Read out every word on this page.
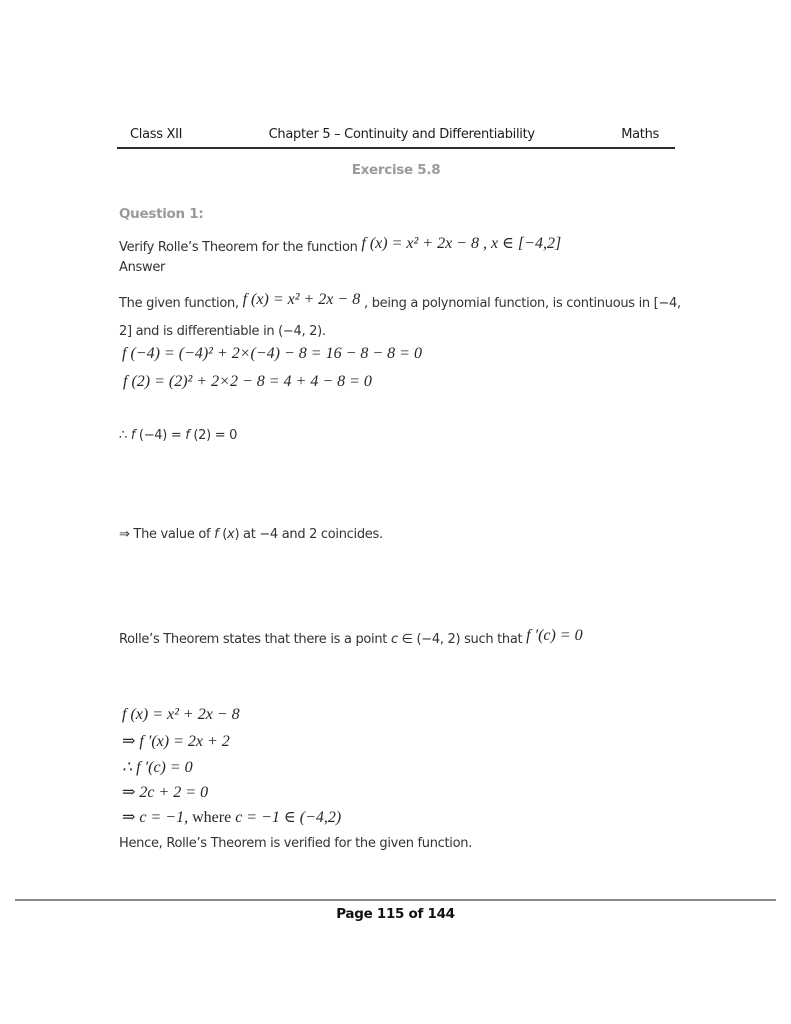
Class XII	Chapter 5 – Continuity and Differentiability	Maths
Exercise 5.8
Question 1:
Verify Rolle’s Theorem for the function f (x) = x² + 2x − 8 , x ∈ [−4,2]
Answer
The given function, f (x) = x² + 2x − 8 , being a polynomial function, is continuous in [−4,
2] and is differentiable in (−4, 2).
f (−4) = (−4)² + 2×(−4) − 8 = 16 − 8 − 8 = 0
f (2) = (2)² + 2×2 − 8 = 4 + 4 − 8 = 0
∴ f (−4) = f (2) = 0
⇒ The value of f (x) at −4 and 2 coincides.
Rolle’s Theorem states that there is a point c ∈ (−4, 2) such that f ′(c) = 0
f (x) = x² + 2x − 8
⇒ f ′(x) = 2x + 2
∴ f ′(c) = 0
⇒ 2c + 2 = 0
⇒ c = −1, where c = −1 ∈ (−4,2)
Hence, Rolle’s Theorem is verified for the given function.
Page 115 of 144
